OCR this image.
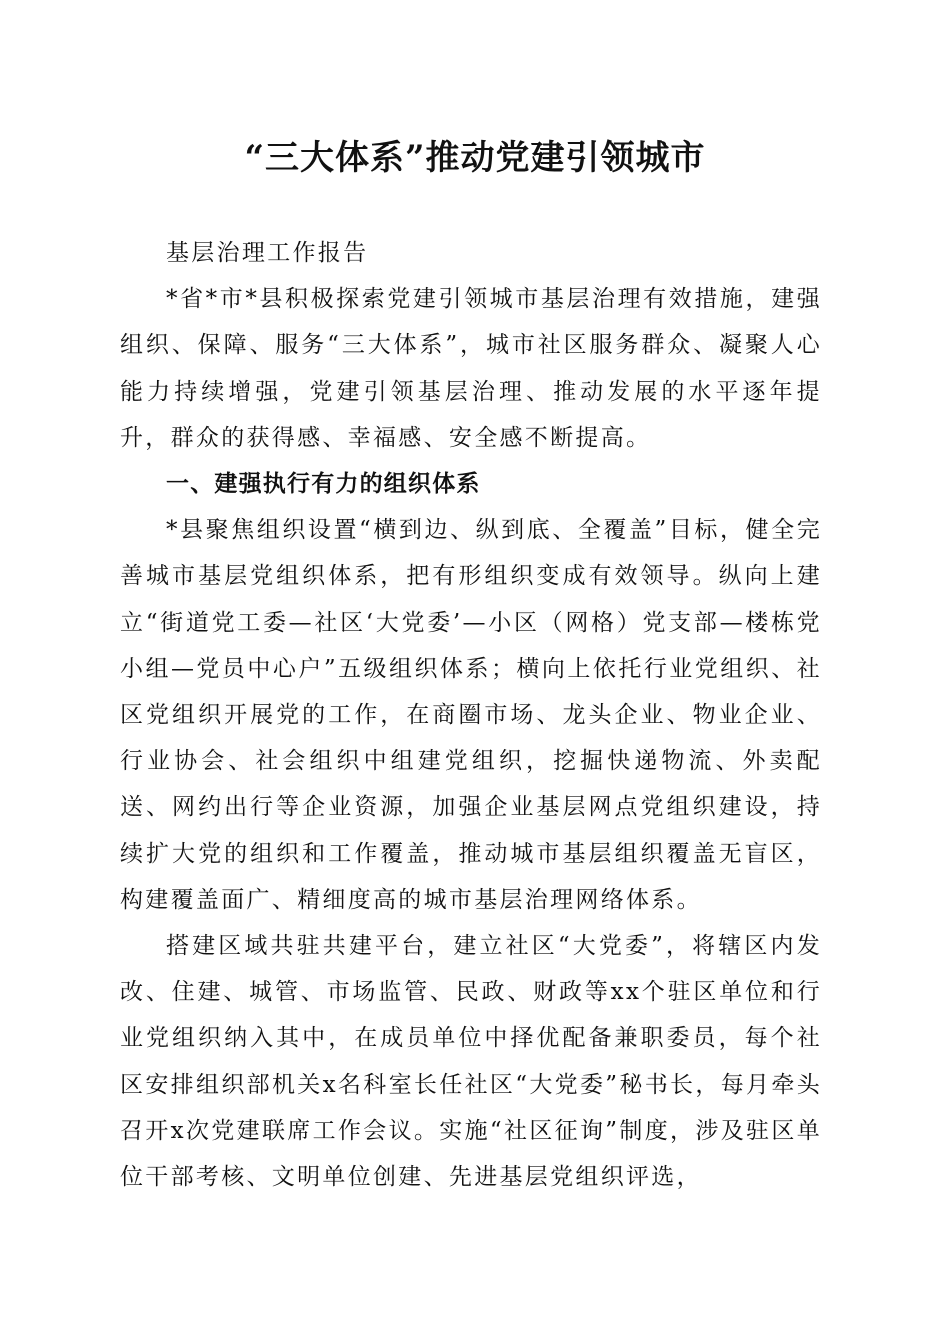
“三大体系”推动党建引领城市

基层治理工作报告

*省*市*县积极探索党建引领城市基层治理有效措施，建强组织、保障、服务“三大体系”，城市社区服务群众、凝聚人心能力持续增强，党建引领基层治理、推动发展的水平逐年提升，群众的获得感、幸福感、安全感不断提高。

一、建强执行有力的组织体系

*县聚焦组织设置“横到边、纵到底、全覆盖”目标，健全完善城市基层党组织体系，把有形组织变成有效领导。纵向上建立“街道党工委—社区‘大党委’—小区（网格）党支部—楼栋党小组—党员中心户”五级组织体系；横向上依托行业党组织、社区党组织开展党的工作，在商圈市场、龙头企业、物业企业、行业协会、社会组织中组建党组织，挖掘快递物流、外卖配送、网约出行等企业资源，加强企业基层网点党组织建设，持续扩大党的组织和工作覆盖，推动城市基层组织覆盖无盲区，构建覆盖面广、精细度高的城市基层治理网络体系。

搭建区域共驻共建平台，建立社区“大党委”，将辖区内发改、住建、城管、市场监管、民政、财政等xx个驻区单位和行业党组织纳入其中，在成员单位中择优配备兼职委员，每个社区安排组织部机关x名科室长任社区“大党委”秘书长，每月牵头召开x次党建联席工作会议。实施“社区征询”制度，涉及驻区单位干部考核、文明单位创建、先进基层党组织评选，
